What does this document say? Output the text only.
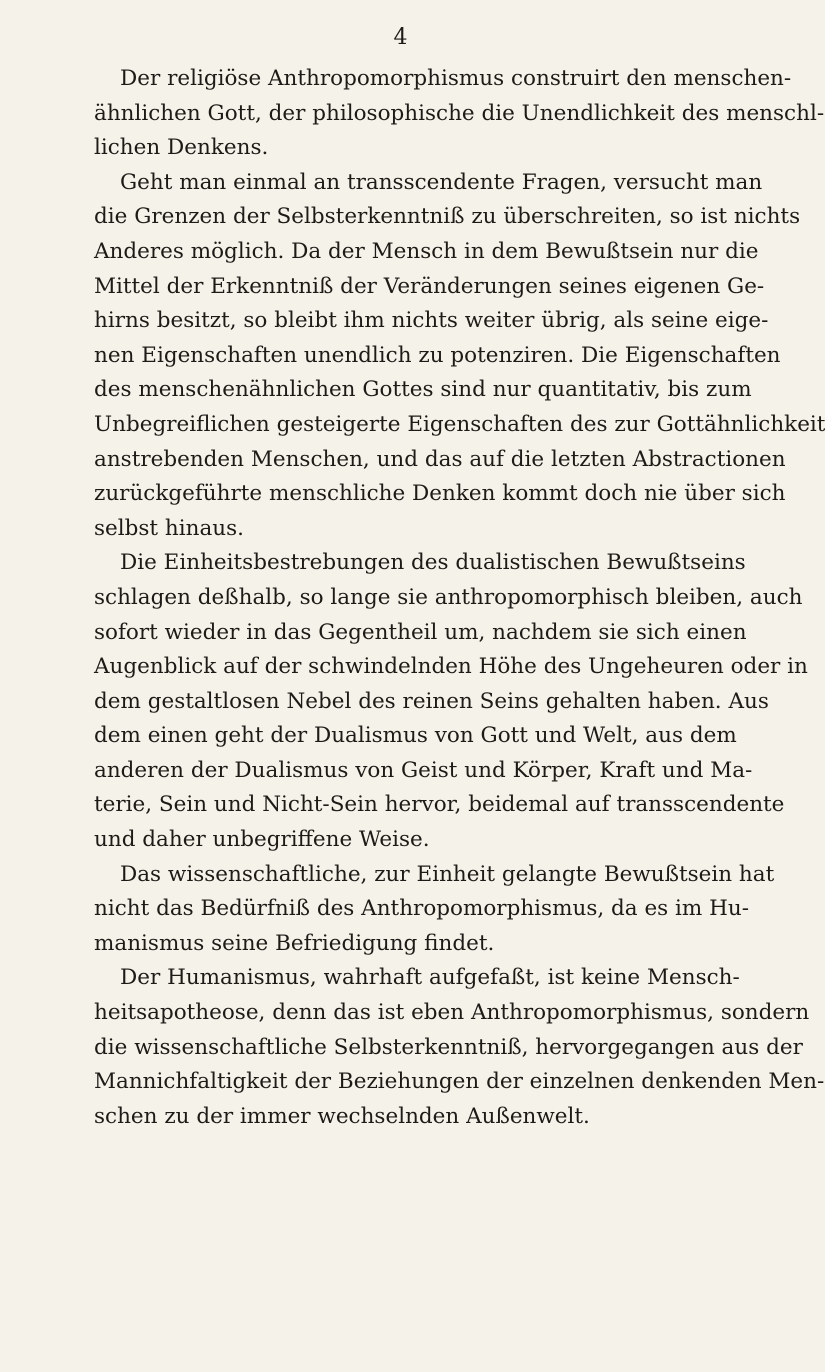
4
Der religiöse Anthropomorphismus construirt den menschen-
ähnlichen Gott, der philosophische die Unendlichkeit des menschl-
lichen Denkens.
Geht man einmal an transscendente Fragen, versucht man
die Grenzen der Selbsterkenntniß zu überschreiten, so ist nichts
Anderes möglich. Da der Mensch in dem Bewußtsein nur die
Mittel der Erkenntniß der Veränderungen seines eigenen Ge-
hirns besitzt, so bleibt ihm nichts weiter übrig, als seine eige-
nen Eigenschaften unendlich zu potenziren. Die Eigenschaften
des menschenähnlichen Gottes sind nur quantitativ, bis zum
Unbegreiflichen gesteigerte Eigenschaften des zur Gottähnlichkeit
anstrebenden Menschen, und das auf die letzten Abstractionen
zurückgeführte menschliche Denken kommt doch nie über sich
selbst hinaus.
Die Einheitsbestrebungen des dualistischen Bewußtseins
schlagen deßhalb, so lange sie anthropomorphisch bleiben, auch
sofort wieder in das Gegentheil um, nachdem sie sich einen
Augenblick auf der schwindelnden Höhe des Ungeheuren oder in
dem gestaltlosen Nebel des reinen Seins gehalten haben. Aus
dem einen geht der Dualismus von Gott und Welt, aus dem
anderen der Dualismus von Geist und Körper, Kraft und Ma-
terie, Sein und Nicht-Sein hervor, beidemal auf transscendente
und daher unbegriffene Weise.
Das wissenschaftliche, zur Einheit gelangte Bewußtsein hat
nicht das Bedürfniß des Anthropomorphismus, da es im Hu-
manismus seine Befriedigung findet.
Der Humanismus, wahrhaft aufgefaßt, ist keine Mensch-
heitsapotheose, denn das ist eben Anthropomorphismus, sondern
die wissenschaftliche Selbsterkenntniß, hervorgegangen aus der
Mannichfaltigkeit der Beziehungen der einzelnen denkenden Men-
schen zu der immer wechselnden Außenwelt.
